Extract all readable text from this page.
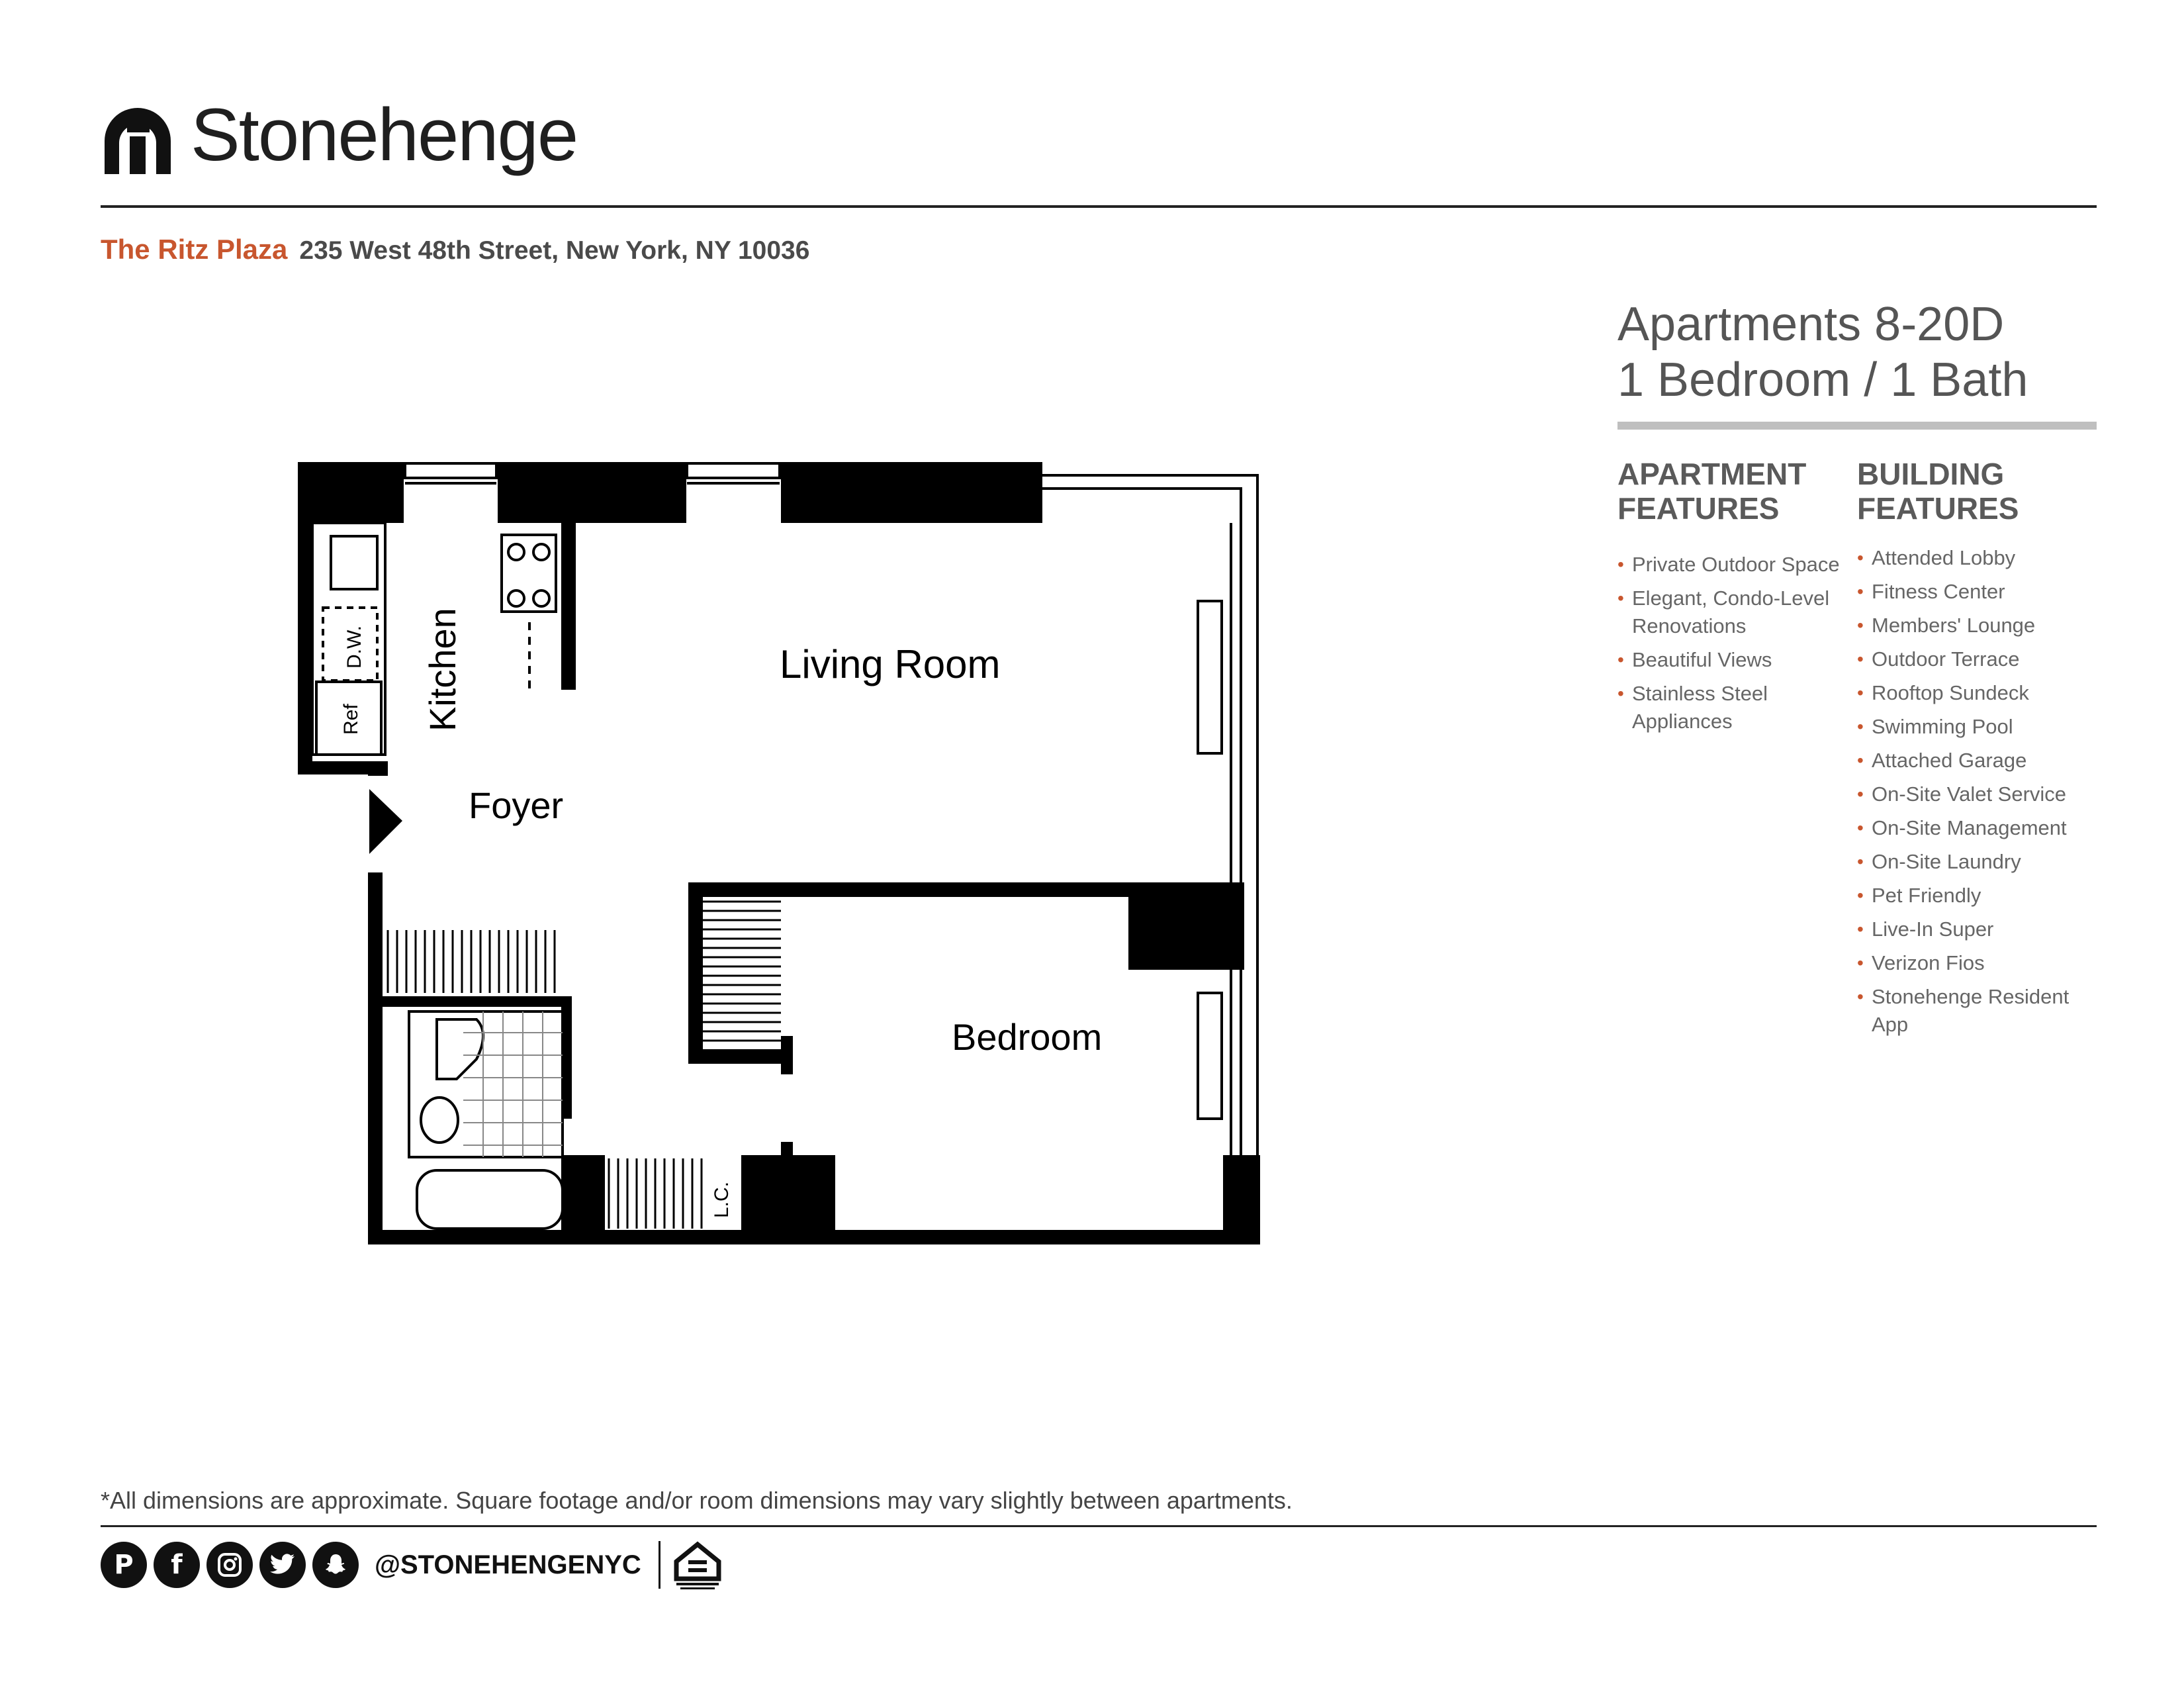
Stonehenge
The Ritz Plaza 235 West 48th Street, New York, NY 10036
Apartments 8-20D
1 Bedroom / 1 Bath
APARTMENT
FEATURES
• Private Outdoor Space
• Elegant, Condo-Level Renovations
• Beautiful Views
• Stainless Steel Appliances
BUILDING
FEATURES
• Attended Lobby
• Fitness Center
• Members' Lounge
• Outdoor Terrace
• Rooftop Sundeck
• Swimming Pool
• Attached Garage
• On-Site Valet Service
• On-Site Management
• On-Site Laundry
• Pet Friendly
• Live-In Super
• Verizon Fios
• Stonehenge Resident App
Living Room
Foyer
Bedroom
Kitchen
D.W.
Ref
L.C.
*All dimensions are approximate. Square footage and/or room dimensions may vary slightly between apartments.
P	f	@STONEHENGENYC
